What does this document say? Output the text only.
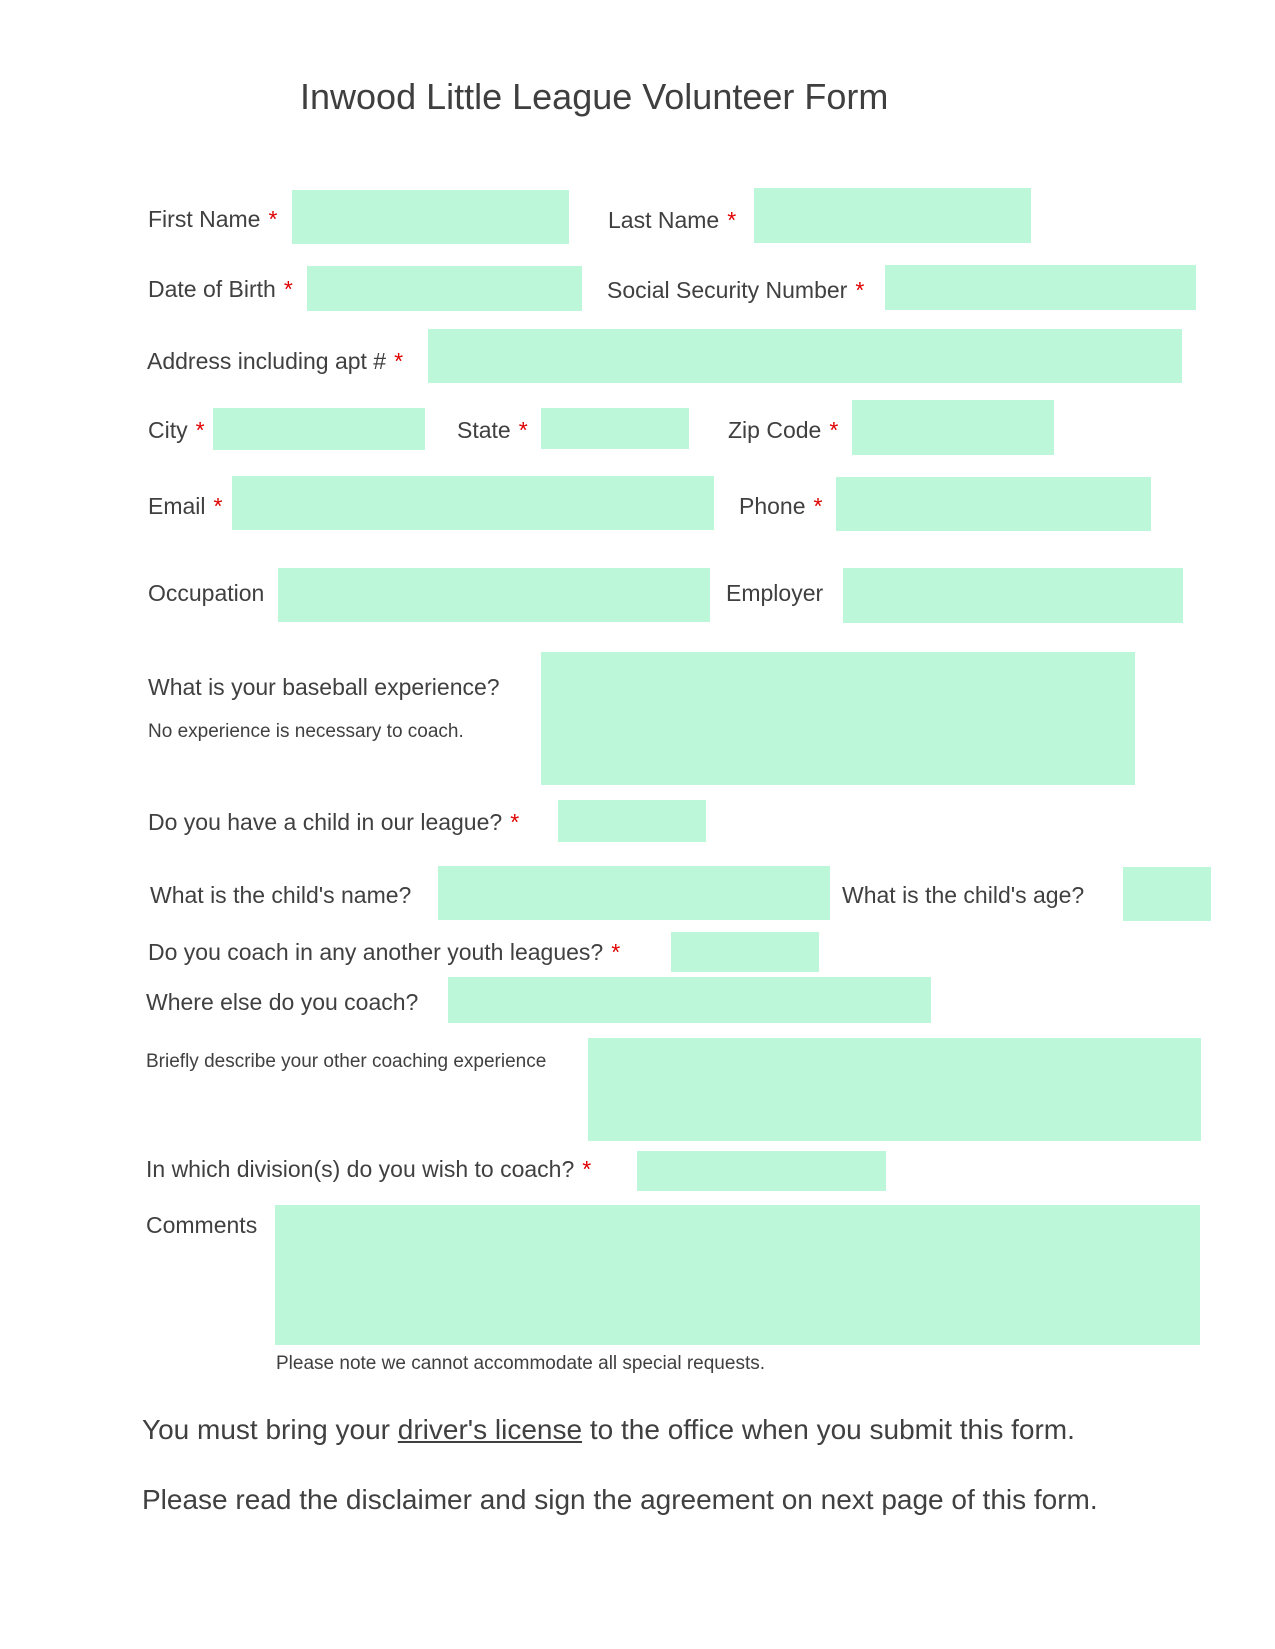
Inwood Little League Volunteer Form
First Name *	Last Name *
Date of Birth *	Social Security Number *
Address including apt # *
City *	State *	Zip Code *
Email *	Phone *
Occupation	Employer
What is your baseball experience?
No experience is necessary to coach.
Do you have a child in our league? *
What is the child's name?	What is the child's age?
Do you coach in any another youth leagues? *
Where else do you coach?
Briefly describe your other coaching experience
In which division(s) do you wish to coach? *
Comments
Please note we cannot accommodate all special requests.
You must bring your driver's license to the office when you submit this form.
Please read the disclaimer and sign the agreement on next page of this form.
